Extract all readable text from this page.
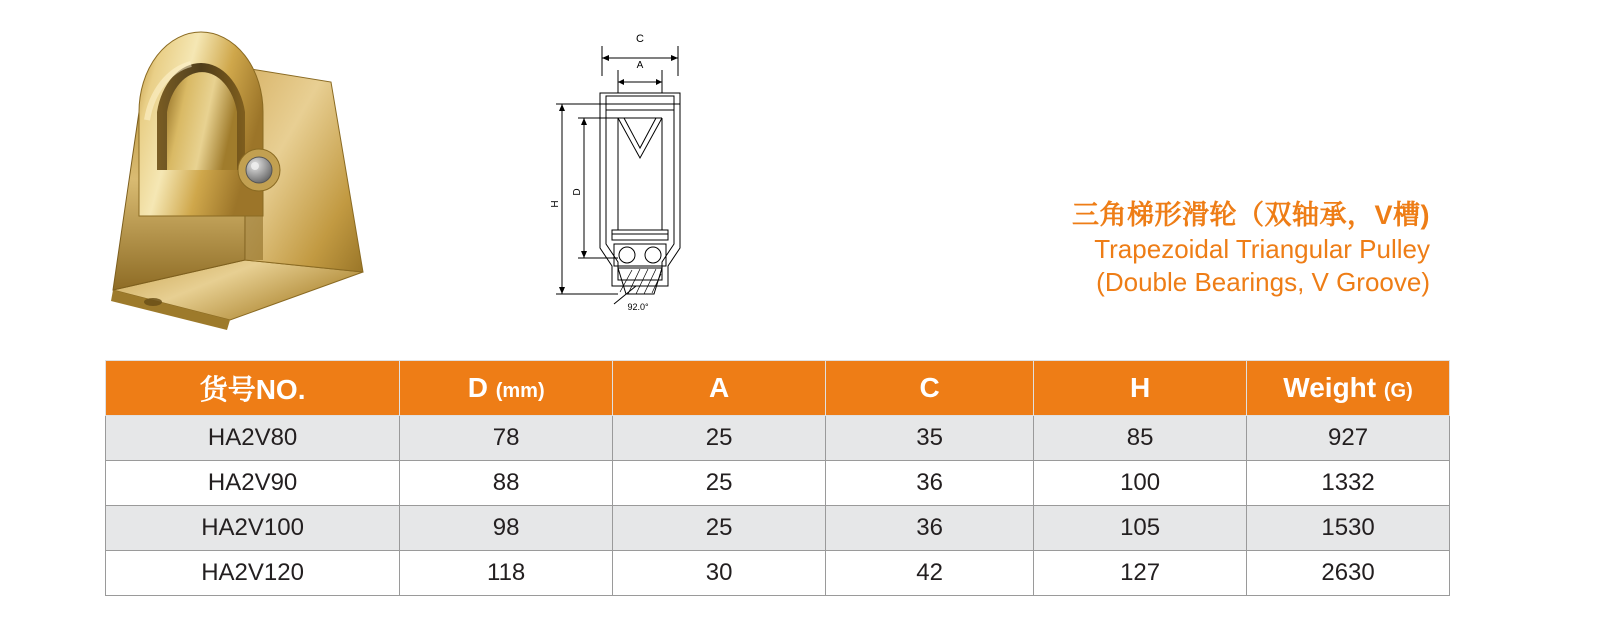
C
A
H
D
92.0°
三角梯形滑轮（双轴承，V槽)
Trapezoidal Triangular Pulley
(Double Bearings, V Groove)
货号NO.	D (mm)	A	C	H	Weight (G)
HA2V80	78	25	35	85	927
HA2V90	88	25	36	100	1332
HA2V100	98	25	36	105	1530
HA2V120	118	30	42	127	2630
